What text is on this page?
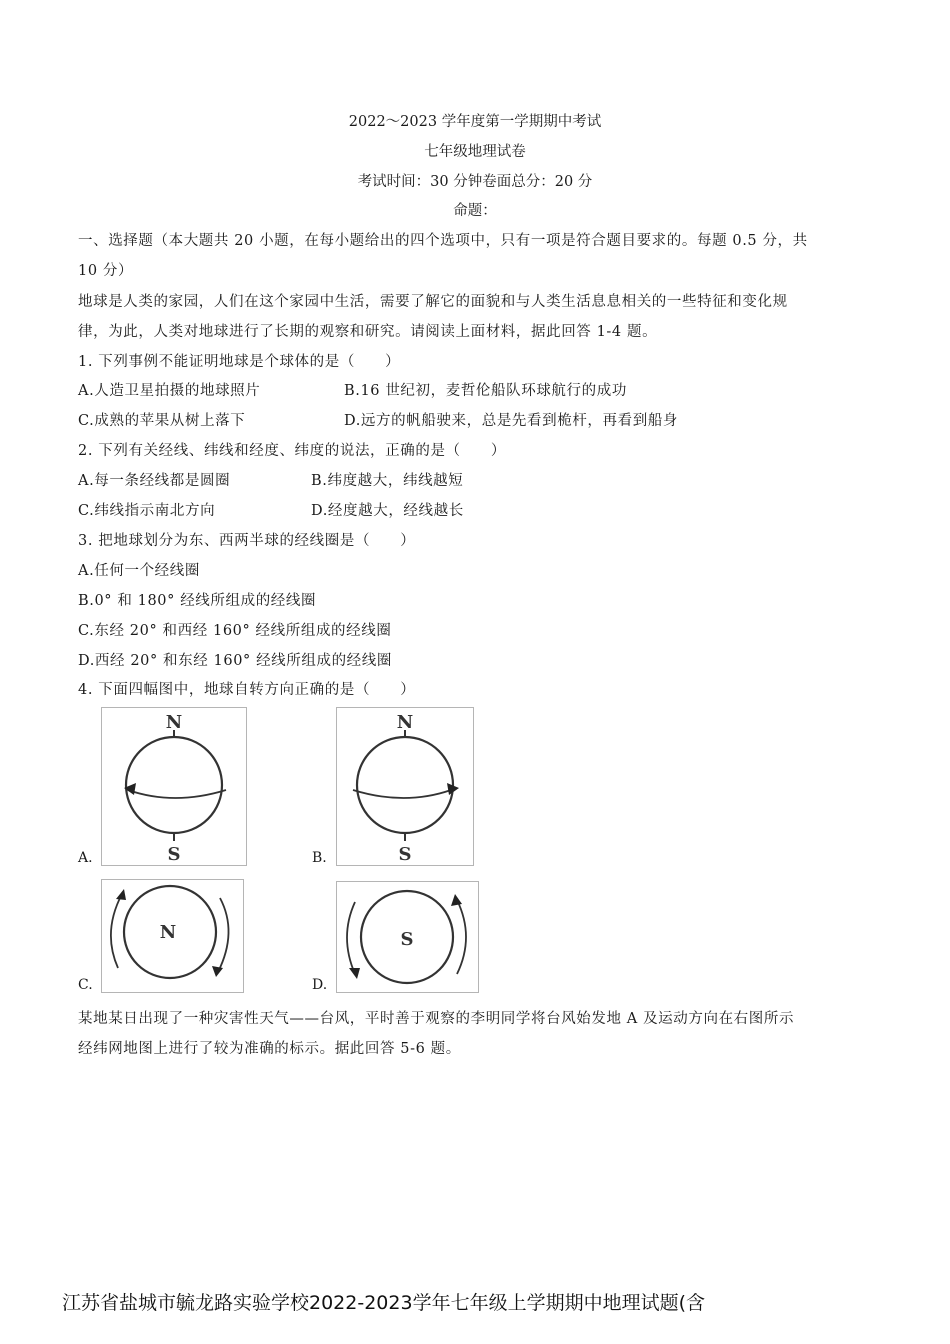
2022～2023 学年度第一学期期中考试
七年级地理试卷
考试时间：30 分钟卷面总分：20 分
命题：
一、选择题（本大题共 20 小题，在每小题给出的四个选项中，只有一项是符合题目要求的。每题 0.5 分，共
10 分）
地球是人类的家园，人们在这个家园中生活，需要了解它的面貌和与人类生活息息相关的一些特征和变化规
律，为此，人类对地球进行了长期的观察和研究。请阅读上面材料，据此回答 1-4 题。
1. 下列事例不能证明地球是个球体的是（　　）
A.人造卫星拍摄的地球照片	B.16 世纪初，麦哲伦船队环球航行的成功
C.成熟的苹果从树上落下	D.远方的帆船驶来，总是先看到桅杆，再看到船身
2. 下列有关经线、纬线和经度、纬度的说法，正确的是（　　）
A.每一条经线都是圆圈	B.纬度越大，纬线越短
C.纬线指示南北方向	D.经度越大，经线越长
3. 把地球划分为东、西两半球的经线圈是（　　）
A.任何一个经线圈
B.0° 和 180° 经线所组成的经线圈
C.东经 20° 和西经 160° 经线所组成的经线圈
D.西经 20° 和东经 160° 经线所组成的经线圈
4. 下面四幅图中，地球自转方向正确的是（　　）
N
S
A.
N
S
B.
N
C.
S
D.
某地某日出现了一种灾害性天气——台风，平时善于观察的李明同学将台风始发地 A 及运动方向在右图所示
经纬网地图上进行了较为准确的标示。据此回答 5-6 题。
江苏省盐城市毓龙路实验学校2022-2023学年七年级上学期期中地理试题(含
